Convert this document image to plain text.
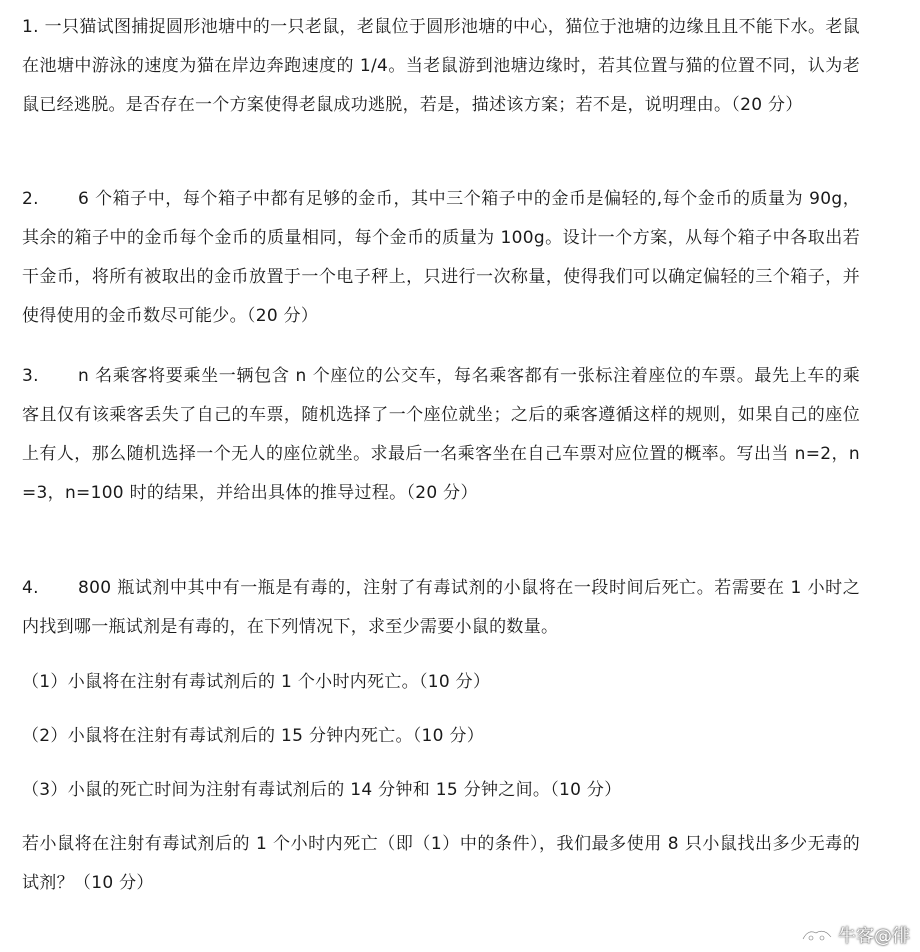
1. 一只猫试图捕捉圆形池塘中的一只老鼠，老鼠位于圆形池塘的中心，猫位于池塘的边缘且且不能下水。老鼠在池塘中游泳的速度为猫在岸边奔跑速度的 1/4。当老鼠游到池塘边缘时，若其位置与猫的位置不同，认为老鼠已经逃脱。是否存在一个方案使得老鼠成功逃脱，若是，描述该方案；若不是，说明理由。（20 分）
2. 6 个箱子中，每个箱子中都有足够的金币，其中三个箱子中的金币是偏轻的,每个金币的质量为 90g，其余的箱子中的金币每个金币的质量相同，每个金币的质量为 100g。设计一个方案，从每个箱子中各取出若干金币，将所有被取出的金币放置于一个电子秤上，只进行一次称量，使得我们可以确定偏轻的三个箱子，并使得使用的金币数尽可能少。（20 分）
3. n 名乘客将要乘坐一辆包含 n 个座位的公交车，每名乘客都有一张标注着座位的车票。最先上车的乘客且仅有该乘客丢失了自己的车票，随机选择了一个座位就坐；之后的乘客遵循这样的规则，如果自己的座位上有人，那么随机选择一个无人的座位就坐。求最后一名乘客坐在自己车票对应位置的概率。写出当 n=2，n=3，n=100 时的结果，并给出具体的推导过程。（20 分）
4. 800 瓶试剂中其中有一瓶是有毒的，注射了有毒试剂的小鼠将在一段时间后死亡。若需要在 1 小时之内找到哪一瓶试剂是有毒的，在下列情况下，求至少需要小鼠的数量。
（1）小鼠将在注射有毒试剂后的 1 个小时内死亡。（10 分）
（2）小鼠将在注射有毒试剂后的 15 分钟内死亡。（10 分）
（3）小鼠的死亡时间为注射有毒试剂后的 14 分钟和 15 分钟之间。（10 分）
若小鼠将在注射有毒试剂后的 1 个小时内死亡（即（1）中的条件），我们最多使用 8 只小鼠找出多少无毒的试剂？（10 分）
牛客@徘
